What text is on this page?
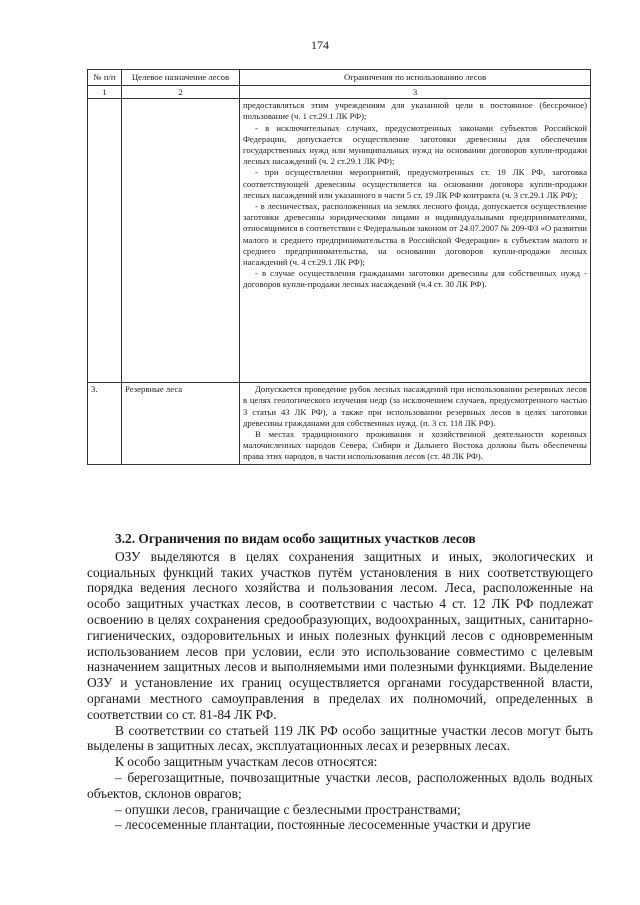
174
№ п/п	Целевое назначение лесов	Ограничения по использованию лесов
1	2	3

		предоставляться этим учреждениям для указанной цели в постоянное (бессрочное) пользование (ч. 1 ст.29.1 ЛК РФ);

- в исключительных случаях, предусмотренных законами субъектов Российской Федерации, допускается осуществление заготовки древесины для обеспечения государственных нужд или муниципальных нужд на основании договоров купли-продажи лесных насаждений (ч. 2 ст.29.1 ЛК РФ);

- при осуществлении мероприятий, предусмотренных ст. 19 ЛК РФ, заготовка соответствующей древесины осуществляется на основании договора купли-продажи лесных насаждений или указанного в части 5 ст. 19 ЛК РФ контракта (ч. 3 ст.29.1 ЛК РФ);

- в лесничествах, расположенных на землях лесного фонда, допускается осуществление заготовки древесины юридическими лицами и индивидуальными предпринимателями, относящимися в соответствии с Федеральным законом от 24.07.2007 № 209-ФЗ «О развитии малого и среднего предпринимательства в Российской Федерации» к субъектам малого и среднего предпринимательства, на основании договоров купли-продажи лесных насаждений (ч. 4 ст.29.1 ЛК РФ);

- в случае осуществления гражданами заготовки древесины для собственных нужд - договоров купли-продажи лесных насаждений (ч.4 ст. 30 ЛК РФ).

3.	Резервные леса	Допускается проведение рубок лесных насаждений при использовании резервных лесов в целях геологического изучения недр (за исключением случаев, предусмотренного частью 3 статьи 43 ЛК РФ), а также при использовании резервных лесов в целях заготовки древесины гражданами для собственных нужд. (п. 3 ст. 118 ЛК РФ).

В местах традиционного проживания и хозяйственной деятельности коренных малочисленных народов Севера, Сибири и Дальнего Востока должны быть обеспечены права этих народов, в части использования лесов (ст. 48 ЛК РФ).

3.2. Ограничения по видам особо защитных участков лесов

ОЗУ выделяются в целях сохранения защитных и иных, экологических и социальных функций таких участков путём установления в них соответствующего порядка ведения лесного хозяйства и пользования лесом. Леса, расположенные на особо защитных участках лесов, в соответствии с частью 4 ст. 12 ЛК РФ подлежат освоению в целях сохранения средообразующих, водоохранных, защитных, санитарно-гигиенических, оздоровительных и иных полезных функций лесов с одновременным использованием лесов при условии, если это использование совместимо с целевым назначением защитных лесов и выполняемыми ими полезными функциями. Выделение ОЗУ и установление их границ осуществляется органами государственной власти, органами местного самоуправления в пределах их полномочий, определенных в соответствии со ст. 81-84 ЛК РФ.

В соответствии со статьей 119 ЛК РФ особо защитные участки лесов могут быть выделены в защитных лесах, эксплуатационных лесах и резервных лесах.

К особо защитным участкам лесов относятся:

– берегозащитные, почвозащитные участки лесов, расположенных вдоль водных объектов, склонов оврагов;

– опушки лесов, граничащие с безлесными пространствами;

– лесосеменные плантации, постоянные лесосеменные участки и другие
